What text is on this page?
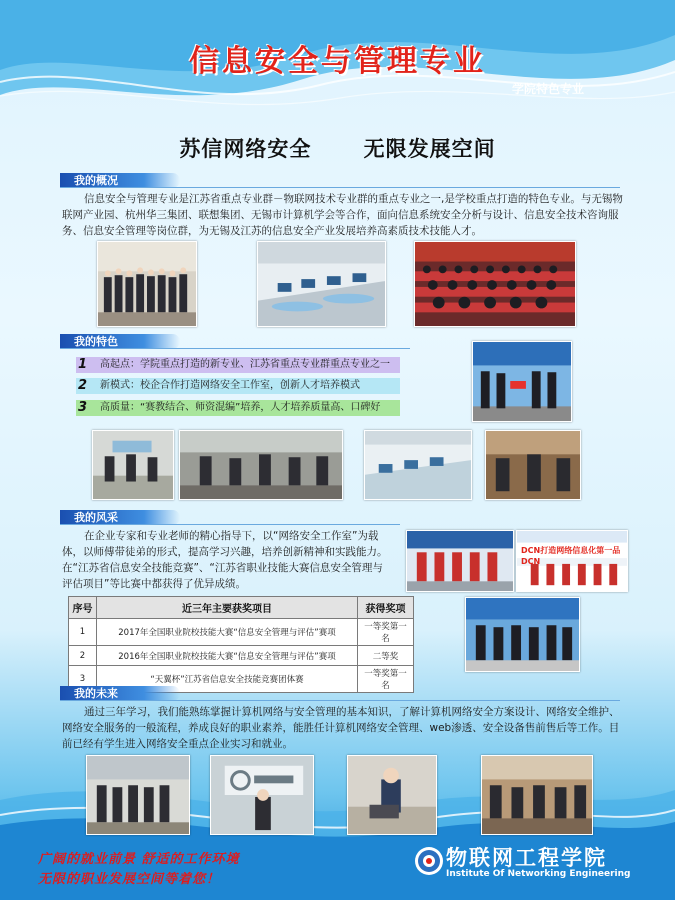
信息安全与管理专业
学院特色专业
苏信网络安全 无限发展空间
我的概况
信息安全与管理专业是江苏省重点专业群－物联网技术专业群的重点专业之一,是学校重点打造的特色专业。与无锡物联网产业园、杭州华三集团、联想集团、无锡市计算机学会等合作，面向信息系统安全分析与设计、信息安全技术咨询服务、信息安全管理等岗位群，为无锡及江苏的信息安全产业发展培养高素质技术技能人才。
我的特色
1 高起点：学院重点打造的新专业、江苏省重点专业群重点专业之一
2 新模式：校企合作打造网络安全工作室，创新人才培养模式
3 高质量：“赛教结合、师资混编”培养，人才培养质量高、口碑好
我的风采
在企业专家和专业老师的精心指导下，以“网络安全工作室”为载体，以师傅带徒弟的形式，提高学习兴趣，培养创新精神和实践能力。在“江苏省信息安全技能竞赛”、“江苏省职业技能大赛信息安全管理与评估项目”等比赛中都获得了优异成绩。
DCN打造网络信息化第一品
DCN
序号	近三年主要获奖项目	获得奖项
1	2017年全国职业院校技能大赛“信息安全管理与评估”赛项	一等奖第一名
2	2016年全国职业院校技能大赛“信息安全管理与评估”赛项	二等奖
3	“天翼杯”江苏省信息安全技能竞赛团体赛	一等奖第一名
我的未来
通过三年学习，我们能熟练掌握计算机网络与安全管理的基本知识，了解计算机网络安全方案设计、网络安全维护、网络安全服务的一般流程，养成良好的职业素养，能胜任计算机网络安全管理、web渗透、安全设备售前售后等工作。目前已经有学生进入网络安全重点企业实习和就业。
广阔的就业前景 舒适的工作环境
无限的职业发展空间等着您！
物联网工程学院
Institute Of Networking Engineering
